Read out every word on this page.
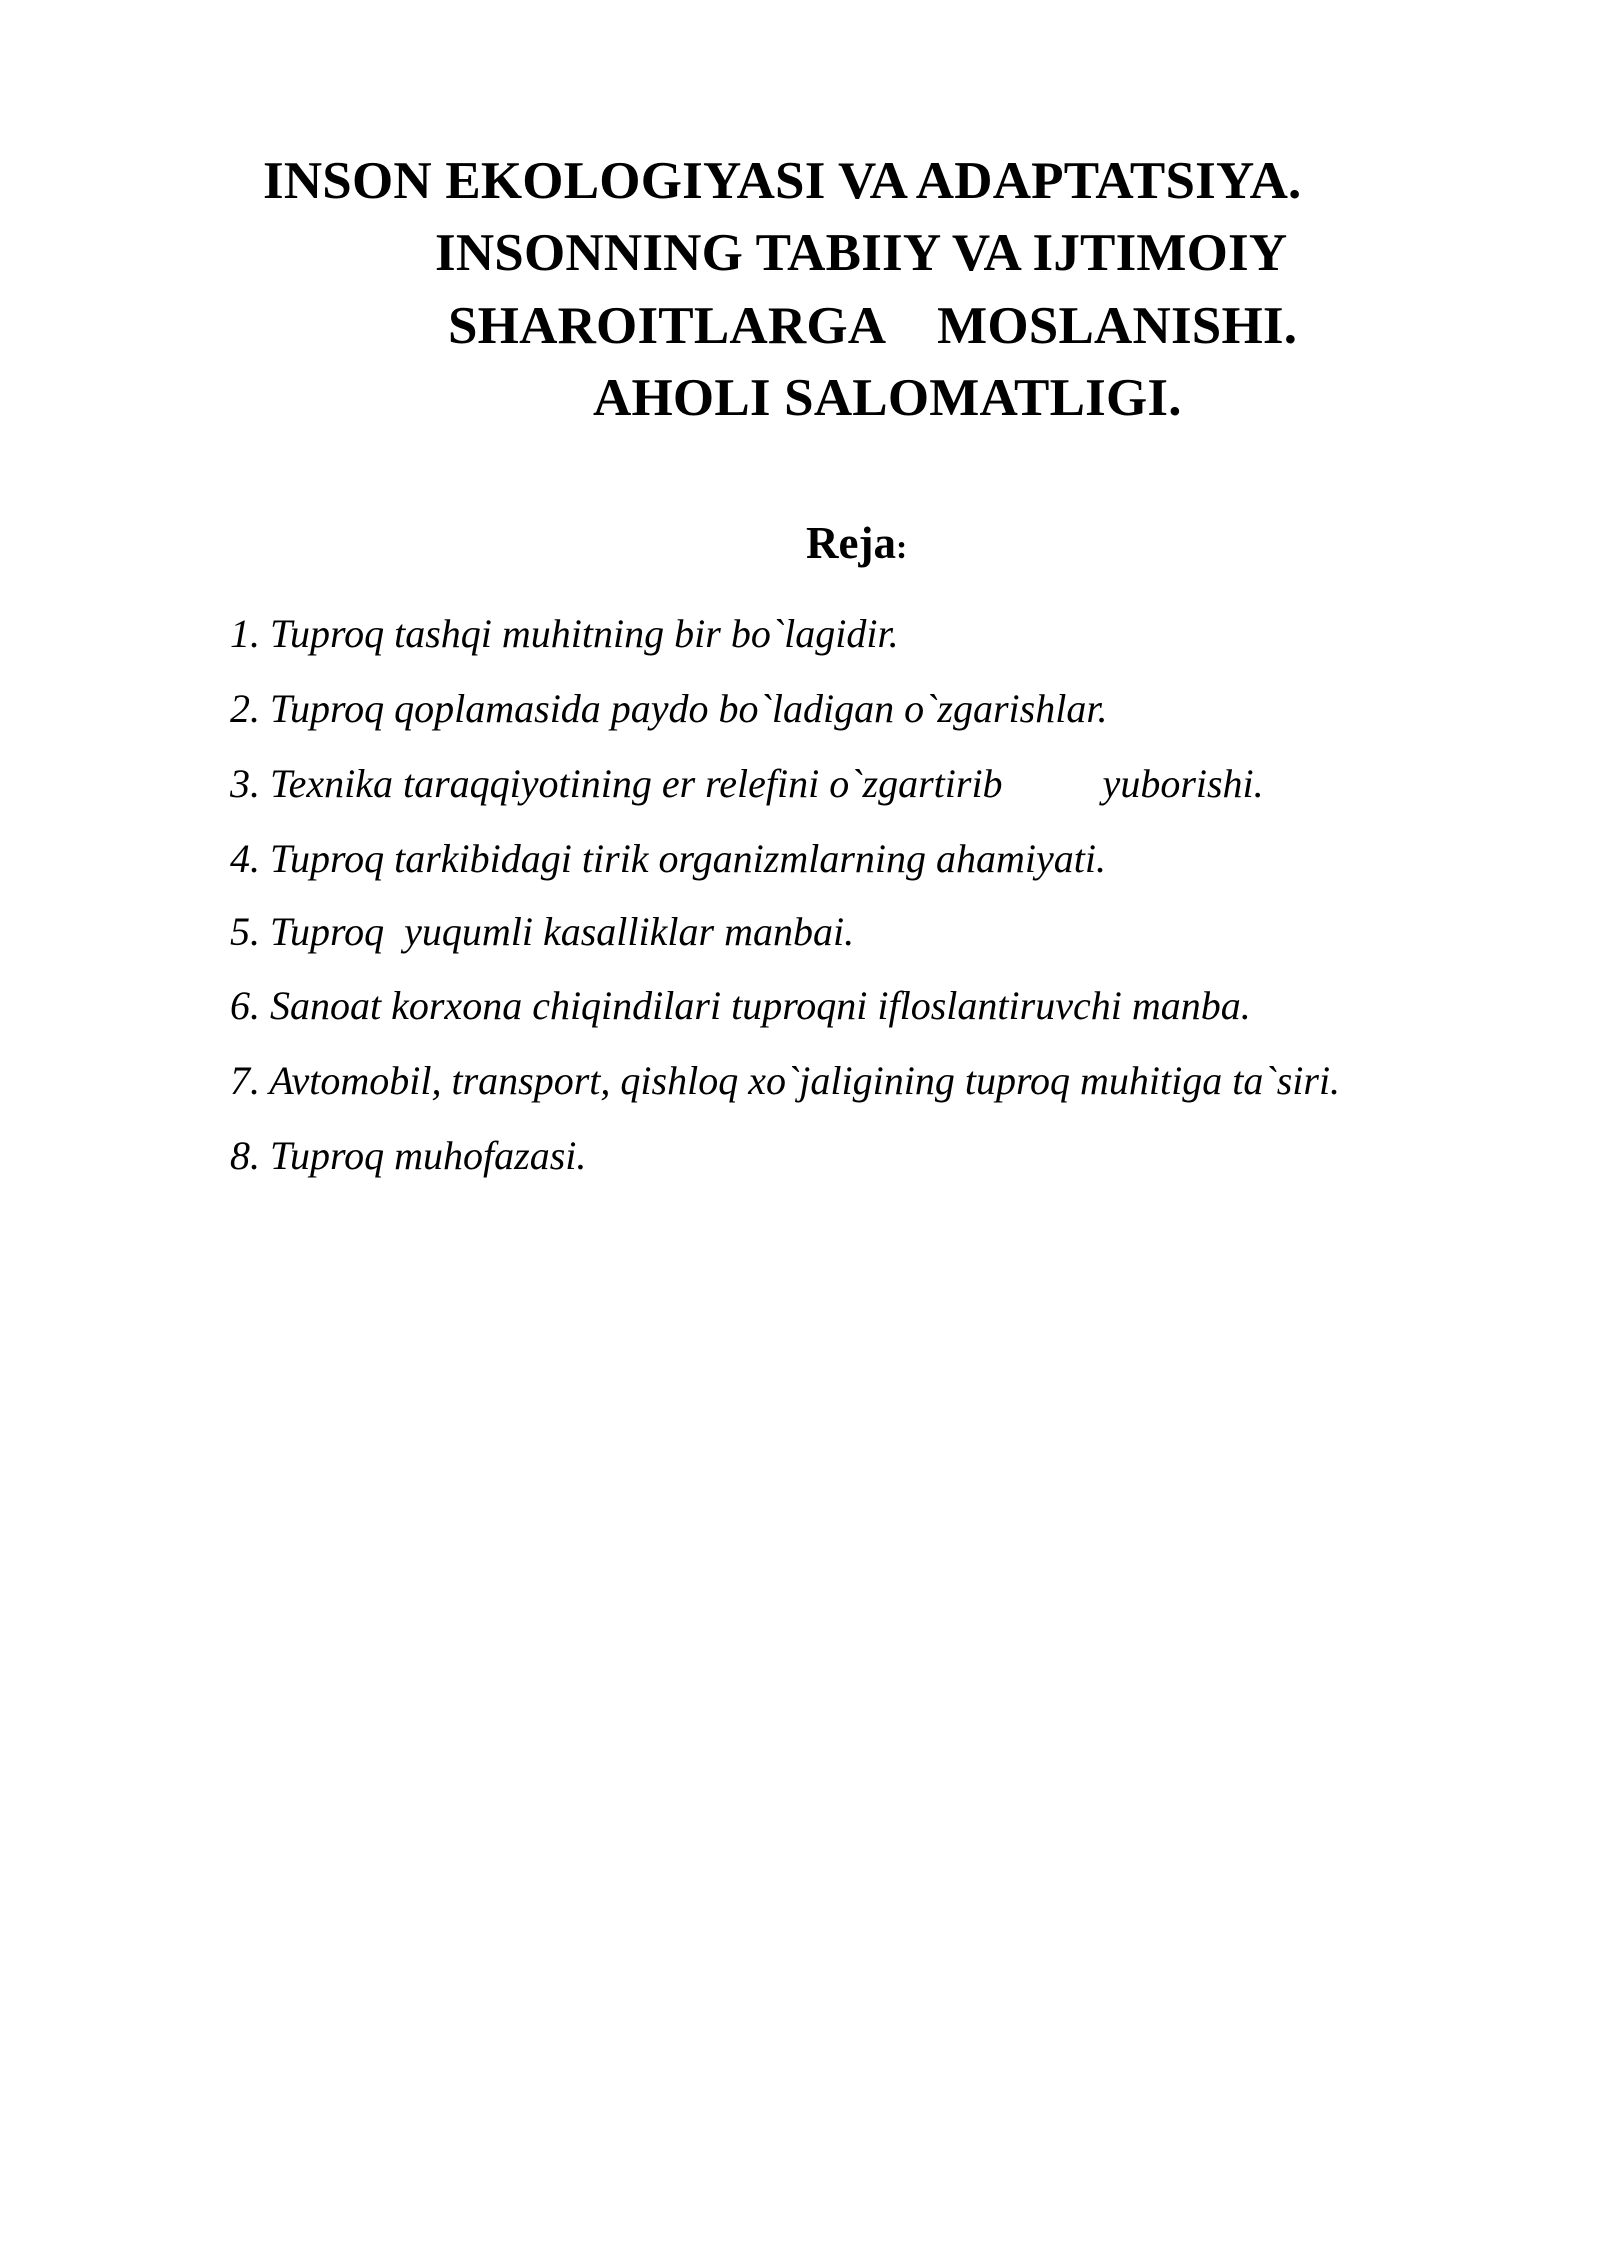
INSON EKOLOGIYASI VA ADAPTATSIYA.
INSONNING TABIIY VA IJTIMOIY
SHAROITLARGA    MOSLANISHI.
AHOLI SALOMATLIGI.
Reja:
1. Tuproq tashqi muhitning bir bo`lagidir.
2. Tuproq qoplamasida paydo bo`ladigan o`zgarishlar.
3. Texnika taraqqiyotining er relefini o`zgartirib          yuborishi.
4. Tuproq tarkibidagi tirik organizmlarning ahamiyati.
5. Tuproq  yuqumli kasalliklar manbai.
6. Sanoat korxona chiqindilari tuproqni ifloslantiruvchi manba.
7. Avtomobil, transport, qishloq xo`jaligining tuproq muhitiga ta`siri.
8. Tuproq muhofazasi.
